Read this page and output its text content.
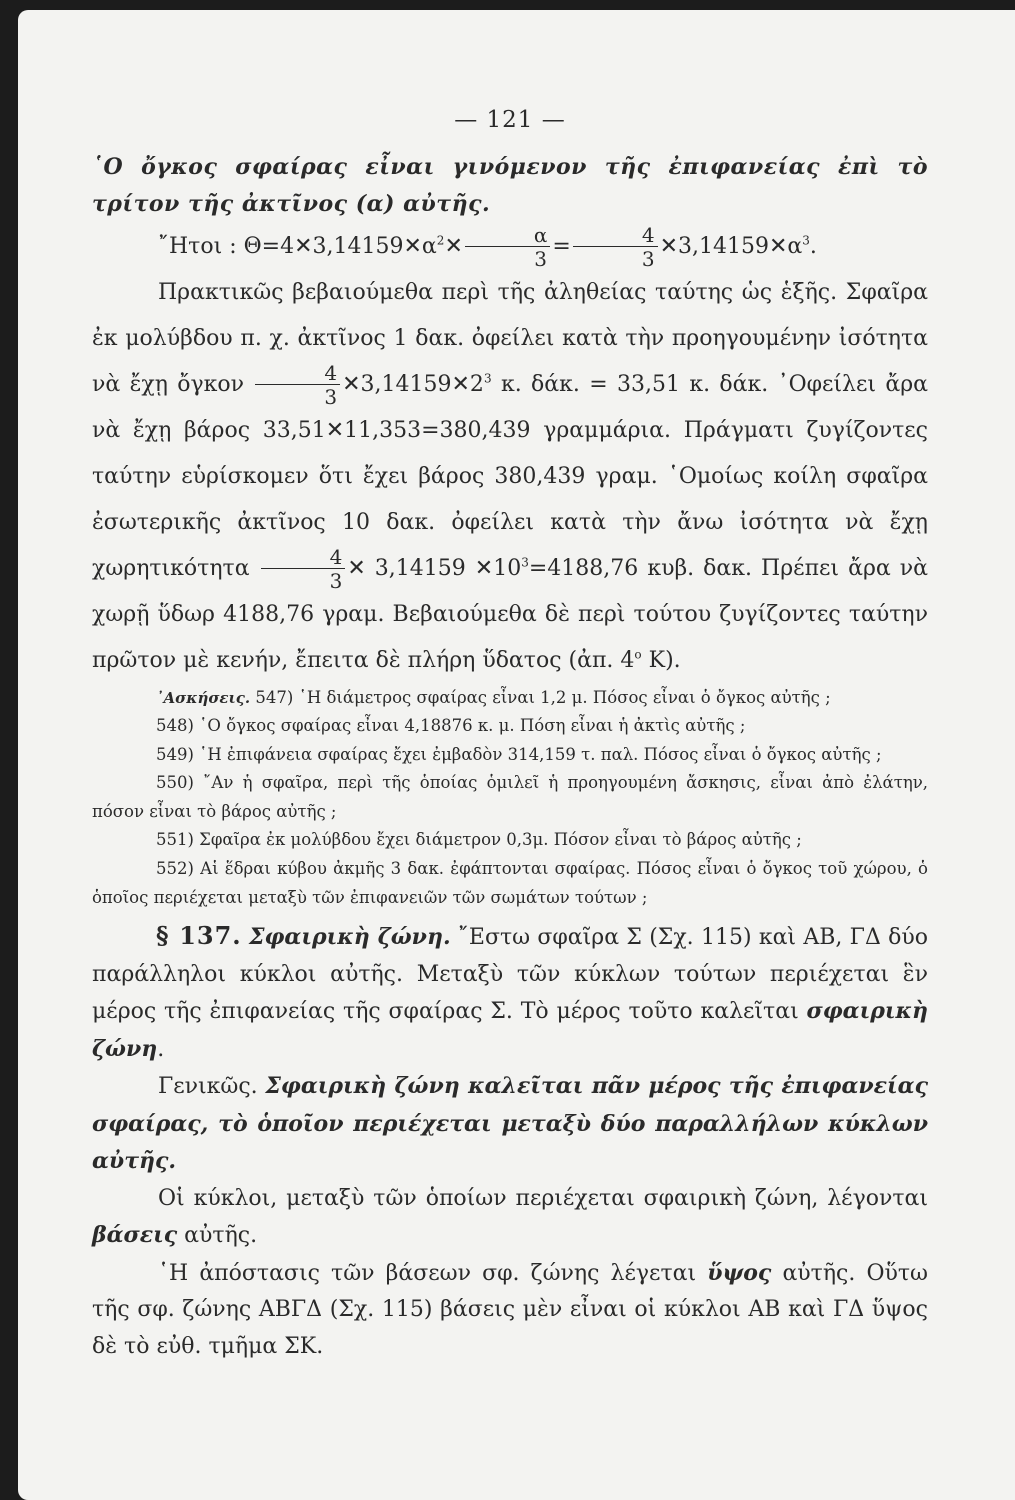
— 121 —

῾Ο ὄγκος σφαίρας εἶναι γινόμενον τῆς ἐπιφανείας ἐπὶ τὸ τρίτον τῆς ἀκτῖνος (α) αὐτῆς.

῎Ητοι : $\Theta=4✕3,14159✕\alpha^2✕ \frac{\alpha}{3} = \frac{4}{3}$ $✕3,14159✕\alpha^3$.

Πρακτικῶς βεβαιούμεθα περὶ τῆς ἀληθείας ταύτης ὡς ἑξῆς. Σφαῖρα ἐκ μολύβδου π. χ. ἀκτῖνος 1 δακ. ὀφείλει κατὰ τὴν προηγουμένην ἰσότητα νὰ ἔχῃ ὄγκον $\frac{4}{3}$ $✕3,14159✕2^3$ κ. δάκ. = 33,51 κ. δάκ. ᾿Οφείλει ἄρα νὰ ἔχῃ βάρος 33,51✕11,353=380,439 γραμμάρια. Πράγματι ζυγίζοντες ταύτην εὑρίσκομεν ὅτι ἔχει βάρος 380,439 γραμ. ῾Ομοίως κοίλη σφαῖρα ἐσωτερικῆς ἀκτῖνος 10 δακ. ὀφείλει κατὰ τὴν ἄνω ἰσότητα νὰ ἔχῃ χωρητικότητα $\frac{4}{3}$ ✕ 3,14159 $✕10^3=4188,76$ κυβ. δακ. Πρέπει ἄρα νὰ χωρῇ ὕδωρ 4188,76 γραμ. Βεβαιούμεθα δὲ περὶ τούτου ζυγίζοντες ταύτην πρῶτον μὲ κενήν, ἔπειτα δὲ πλήρη ὕδατος (ἀπ. $4^o$ Κ).

᾿Ασκήσεις. 547) ῾Η διάμετρος σφαίρας εἶναι 1,2 μ. Πόσος εἶναι ὁ ὄγκος αὐτῆς ;

548) ῾Ο ὄγκος σφαίρας εἶναι 4,18876 κ. μ. Πόση εἶναι ἡ ἀκτὶς αὐτῆς ;

549) ῾Η ἐπιφάνεια σφαίρας ἔχει ἐμβαδὸν 314,159 τ. παλ. Πόσος εἶναι ὁ ὄγκος αὐτῆς ;

550) ῎Αν ἡ σφαῖρα, περὶ τῆς ὁποίας ὁμιλεῖ ἡ προηγουμένη ἄσκησις, εἶναι ἀπὸ ἐλάτην, πόσον εἶναι τὸ βάρος αὐτῆς ;

551) Σφαῖρα ἐκ μολύβδου ἔχει διάμετρον 0,3μ. Πόσον εἶναι τὸ βάρος αὐτῆς ;

552) Αἱ ἕδραι κύβου ἀκμῆς 3 δακ. ἐφάπτονται σφαίρας. Πόσος εἶναι ὁ ὄγκος τοῦ χώρου, ὁ ὁποῖος περιέχεται μεταξὺ τῶν ἐπιφανειῶν τῶν σωμάτων τούτων ;

§ 137. Σφαιρικὴ ζώνη. ῎Εστω σφαῖρα Σ (Σχ. 115) καὶ ΑΒ, ΓΔ δύο παράλληλοι κύκλοι αὐτῆς. Μεταξὺ τῶν κύκλων τούτων περιέχεται ἓν μέρος τῆς ἐπιφανείας τῆς σφαίρας Σ. Τὸ μέρος τοῦτο καλεῖται σφαιρικὴ ζώνη.

Γενικῶς. Σφαιρικὴ ζώνη καλεῖται πᾶν μέρος τῆς ἐπιφανείας σφαίρας, τὸ ὁποῖον περιέχεται μεταξὺ δύο παραλλήλων κύκλων αὐτῆς.

Οἱ κύκλοι, μεταξὺ τῶν ὁποίων περιέχεται σφαιρικὴ ζώνη, λέγονται βάσεις αὐτῆς.

῾Η ἀπόστασις τῶν βάσεων σφ. ζώνης λέγεται ὕψος αὐτῆς. Οὕτω τῆς σφ. ζώνης ΑΒΓΔ (Σχ. 115) βάσεις μὲν εἶναι οἱ κύκλοι ΑΒ καὶ ΓΔ ὕψος δὲ τὸ εὐθ. τμῆμα ΣΚ.
